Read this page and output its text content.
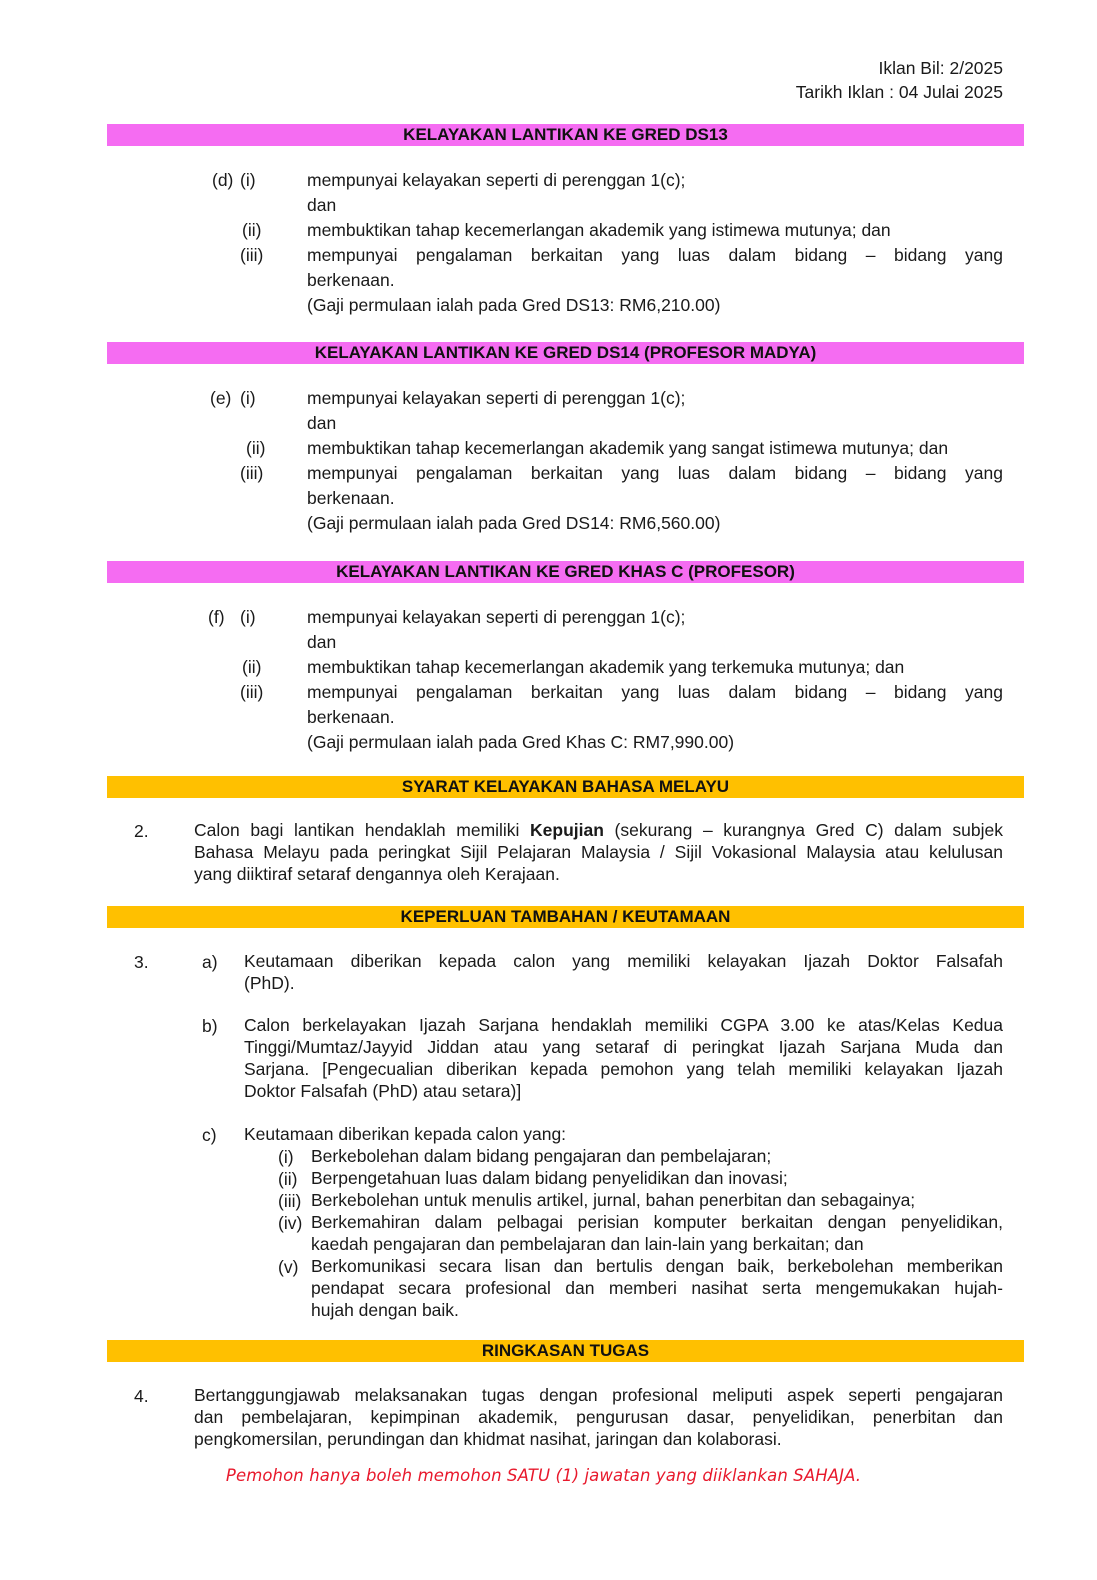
Iklan Bil: 2/2025
Tarikh Iklan : 04 Julai 2025
KELAYAKAN LANTIKAN KE GRED DS13
(d) (i)	mempunyai kelayakan seperti di perenggan 1(c);
dan
(ii)	membuktikan tahap kecemerlangan akademik yang istimewa mutunya; dan
(iii) mempunyai pengalaman berkaitan yang luas dalam bidang – bidang yang
berkenaan.
(Gaji permulaan ialah pada Gred DS13: RM6,210.00)
KELAYAKAN LANTIKAN KE GRED DS14 (PROFESOR MADYA)
(e) (i)	mempunyai kelayakan seperti di perenggan 1(c);
dan
(ii) membuktikan tahap kecemerlangan akademik yang sangat istimewa mutunya; dan
(iii) mempunyai pengalaman berkaitan yang luas dalam bidang – bidang yang
berkenaan.
(Gaji permulaan ialah pada Gred DS14: RM6,560.00)
KELAYAKAN LANTIKAN KE GRED KHAS C (PROFESOR)
(f) (i)	mempunyai kelayakan seperti di perenggan 1(c);
dan
(ii)	membuktikan tahap kecemerlangan akademik yang terkemuka mutunya; dan
(iii) mempunyai pengalaman berkaitan yang luas dalam bidang – bidang yang
berkenaan.
(Gaji permulaan ialah pada Gred Khas C: RM7,990.00)
SYARAT KELAYAKAN BAHASA MELAYU
2.	Calon bagi lantikan hendaklah memiliki Kepujian (sekurang – kurangnya Gred C) dalam subjek
Bahasa Melayu pada peringkat Sijil Pelajaran Malaysia / Sijil Vokasional Malaysia atau kelulusan
yang diiktiraf setaraf dengannya oleh Kerajaan.
KEPERLUAN TAMBAHAN / KEUTAMAAN
3.	a) Keutamaan diberikan kepada calon yang memiliki kelayakan Ijazah Doktor Falsafah
(PhD).
b) Calon berkelayakan Ijazah Sarjana hendaklah memiliki CGPA 3.00 ke atas/Kelas Kedua
Tinggi/Mumtaz/Jayyid Jiddan atau yang setaraf di peringkat Ijazah Sarjana Muda dan
Sarjana. [Pengecualian diberikan kepada pemohon yang telah memiliki kelayakan Ijazah
Doktor Falsafah (PhD) atau setara)]
c) Keutamaan diberikan kepada calon yang:
(i) Berkebolehan dalam bidang pengajaran dan pembelajaran;
(ii) Berpengetahuan luas dalam bidang penyelidikan dan inovasi;
(iii) Berkebolehan untuk menulis artikel, jurnal, bahan penerbitan dan sebagainya;
(iv) Berkemahiran dalam pelbagai perisian komputer berkaitan dengan penyelidikan,
kaedah pengajaran dan pembelajaran dan lain-lain yang berkaitan; dan
(v) Berkomunikasi secara lisan dan bertulis dengan baik, berkebolehan memberikan
pendapat secara profesional dan memberi nasihat serta mengemukakan hujah-
hujah dengan baik.
RINGKASAN TUGAS
4.	Bertanggungjawab melaksanakan tugas dengan profesional meliputi aspek seperti pengajaran
dan pembelajaran, kepimpinan akademik, pengurusan dasar, penyelidikan, penerbitan dan
pengkomersilan, perundingan dan khidmat nasihat, jaringan dan kolaborasi.
Pemohon hanya boleh memohon SATU (1) jawatan yang diiklankan SAHAJA.
